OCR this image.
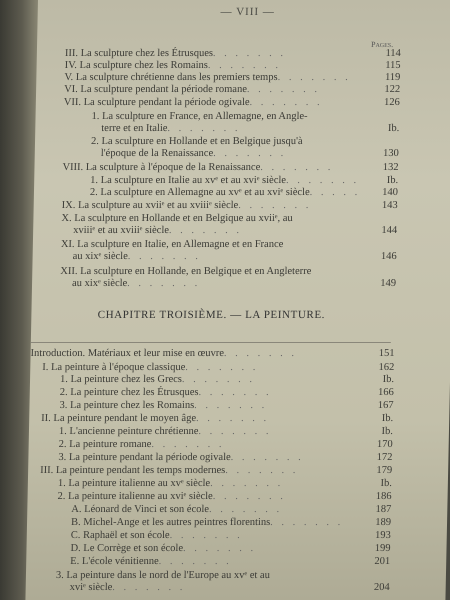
— VIII —
Pages.
III. La sculpture chez les Étrusques. . . . . . .	114
IV. La sculpture chez les Romains. . . . . . .	115
V. La sculpture chrétienne dans les premiers temps. . . . . . .	119
VI. La sculpture pendant la période romane. . . . . . .	122
VII. La sculpture pendant la période ogivale. . . . . . .	126
1. La sculpture en France, en Allemagne, en Angle-
terre et en Italie. . . . . . .	Ib.
2. La sculpture en Hollande et en Belgique jusqu'à
l'époque de la Renaissance. . . . . . .	130
VIII. La sculpture à l'époque de la Renaissance. . . . . . .	132
1. La sculpture en Italie au xvᵉ et au xviᵉ siècle. . . . . . .	Ib.
2. La sculpture en Allemagne au xvᵉ et au xviᵉ siècle. . . . .	140
IX. La sculpture au xviiᵉ et au xviiiᵉ siècle. . . . . . .	143
X. La sculpture en Hollande et en Belgique au xviiᵉ, au
xviiiᵉ et au xviiiᵉ siècle. . . . . . .	144
XI. La sculpture en Italie, en Allemagne et en France
au xixᵉ siècle. . . . . . .	146
XII. La sculpture en Hollande, en Belgique et en Angleterre
au xixᵉ siècle. . . . . . .	149
CHAPITRE TROISIÈME. — LA PEINTURE.
Introduction. Matériaux et leur mise en œuvre. . . . . . .	151
I. La peinture à l'époque classique. . . . . . .	162
1. La peinture chez les Grecs. . . . . . .	Ib.
2. La peinture chez les Étrusques. . . . . . .	166
3. La peinture chez les Romains. . . . . . .	167
II. La peinture pendant le moyen âge. . . . . . .	Ib.
1. L'ancienne peinture chrétienne. . . . . . .	Ib.
2. La peinture romane. . . . . . .	170
3. La peinture pendant la période ogivale. . . . . . .	172
III. La peinture pendant les temps modernes. . . . . . .	179
1. La peinture italienne au xvᵉ siècle. . . . . . .	Ib.
2. La peinture italienne au xviᵉ siècle. . . . . . .	186
A. Léonard de Vinci et son école. . . . . . .	187
B. Michel-Ange et les autres peintres florentins. . . . . . .	189
C. Raphaël et son école. . . . . . .	193
D. Le Corrège et son école. . . . . . .	199
E. L'école vénitienne. . . . . . .	201
3. La peinture dans le nord de l'Europe au xvᵉ et au
xviᵉ siècle. . . . . . .	204
